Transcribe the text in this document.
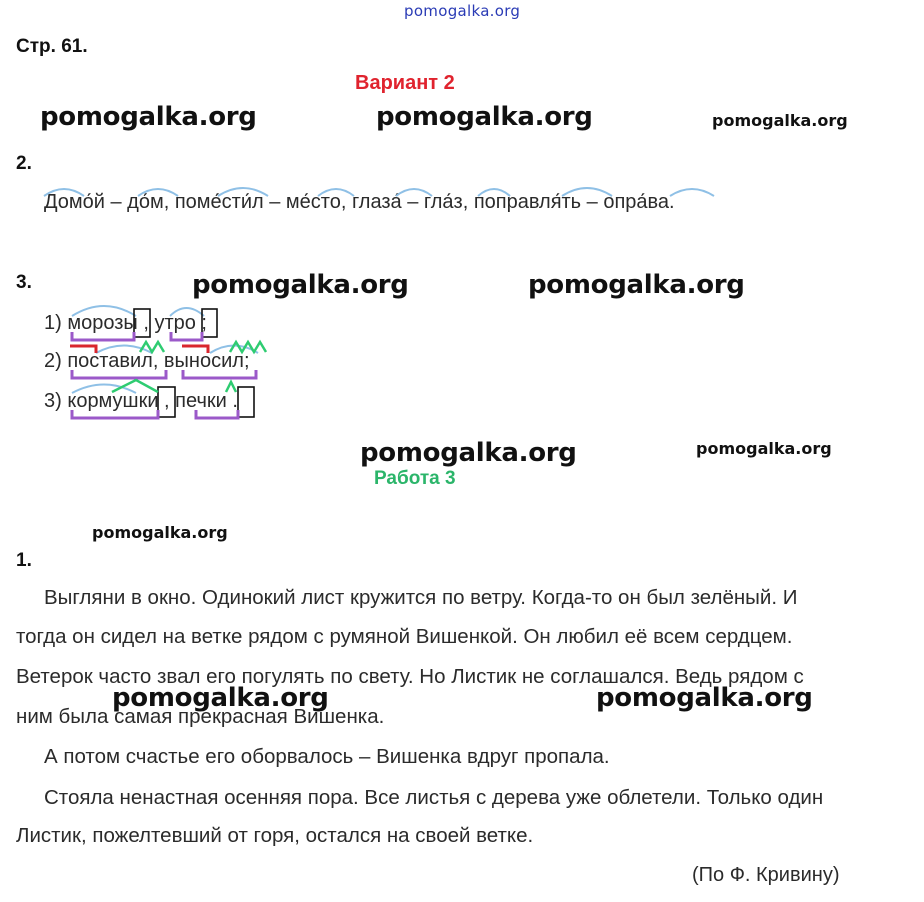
pomogalka.org
Стр. 61.
Вариант 2
pomogalka.org	pomogalka.org	pomogalka.org
pomogalka.org	pomogalka.org
pomogalka.org	pomogalka.org
pomogalka.org
2.
Домо́й – до́м, поме́сти́л – ме́сто, глаза́ – гла́з, поправля́ть – опра́ва.
3.
1) морозы , утро ;
2) поставил, выносил;
3) кормушки , печки .
Работа 3
1.
Выгляни в окно. Одинокий лист кружится по ветру. Когда-то он был зелёный. И
тогда он сидел на ветке рядом с румяной Вишенкой. Он любил её всем сердцем.
Ветерок часто звал его погулять по свету. Но Листик не соглашался. Ведь рядом с
ним была самая прекрасная Вишенка.
А потом счастье его оборвалось – Вишенка вдруг пропала.
Стояла ненастная осенняя пора. Все листья с дерева уже облетели. Только один
Листик, пожелтевший от горя, остался на своей ветке.
(По Ф. Кривину)
pomogalka.org	pomogalka.org
